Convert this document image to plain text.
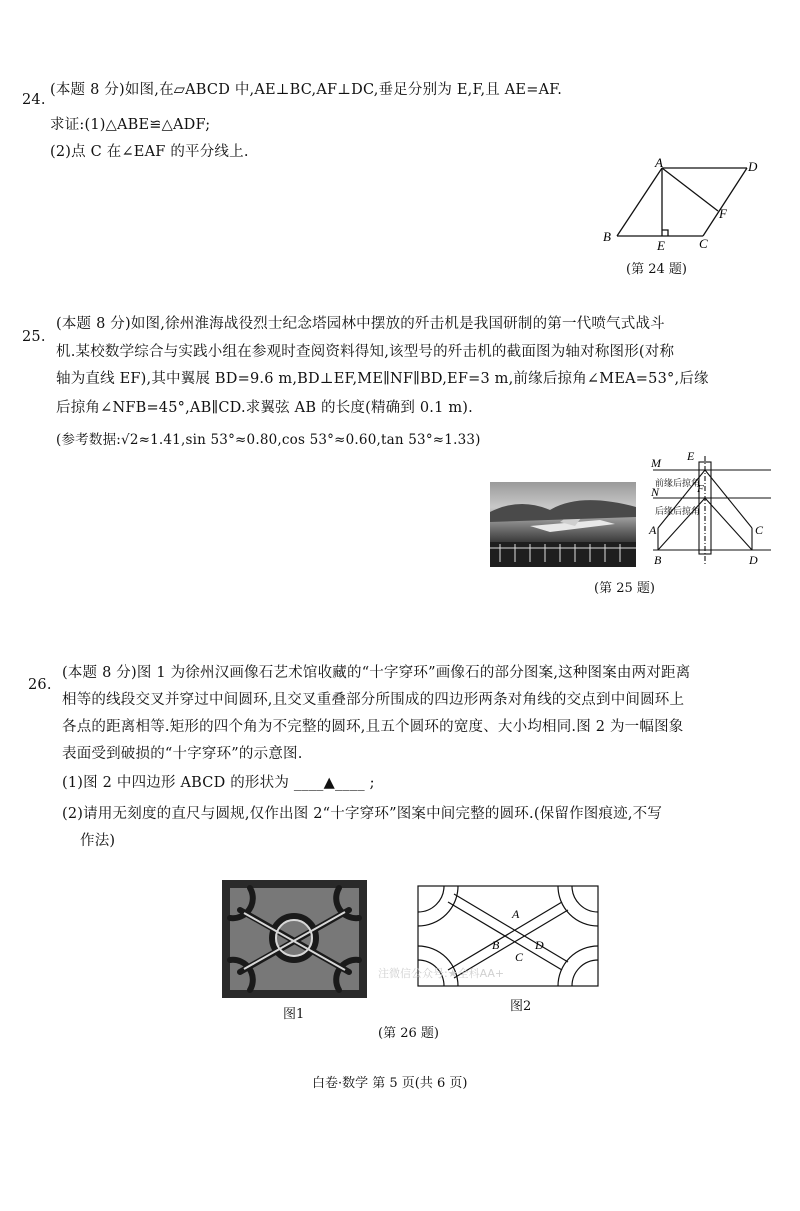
24.
(本题 8 分)如图,在▱ABCD 中,AE⊥BC,AF⊥DC,垂足分别为 E,F,且 AE=AF.
求证:(1)△ABE≌△ADF;
(2)点 C 在∠EAF 的平分线上.
A	D
F
B
E	C
(第 24 题)
25.
(本题 8 分)如图,徐州淮海战役烈士纪念塔园林中摆放的歼击机是我国研制的第一代喷气式战斗
机.某校数学综合与实践小组在参观时查阅资料得知,该型号的歼击机的截面图为轴对称图形(对称
轴为直线 EF),其中翼展 BD=9.6 m,BD⊥EF,ME∥NF∥BD,EF=3 m,前缘后掠角∠MEA=53°,后缘
后掠角∠NFB=45°,AB∥CD.求翼弦 AB 的长度(精确到 0.1 m).
(参考数据:√2≈1.41,sin 53°≈0.80,cos 53°≈0.60,tan 53°≈1.33)
M E
N	F
A
B
C
D
前缘后掠角
后缘后掠角
(第 25 题)
26.
(本题 8 分)图 1 为徐州汉画像石艺术馆收藏的“十字穿环”画像石的部分图案,这种图案由两对距离
相等的线段交叉并穿过中间圆环,且交叉重叠部分所围成的四边形两条对角线的交点到中间圆环上
各点的距离相等.矩形的四个角为不完整的圆环,且五个圆环的宽度、大小均相同.图 2 为一幅图象
表面受到破损的“十字穿环”的示意图.
(1)图 2 中四边形 ABCD 的形状为 ____▲____ ;
(2)请用无刻度的直尺与圆规,仅作出图 2“十字穿环”图案中间完整的圆环.(保留作图痕迹,不写
作法)
图1
A
B	D
C
注微信公众号:★全科AA+
图2
(第 26 题)
白卷·数学 第 5 页(共 6 页)
